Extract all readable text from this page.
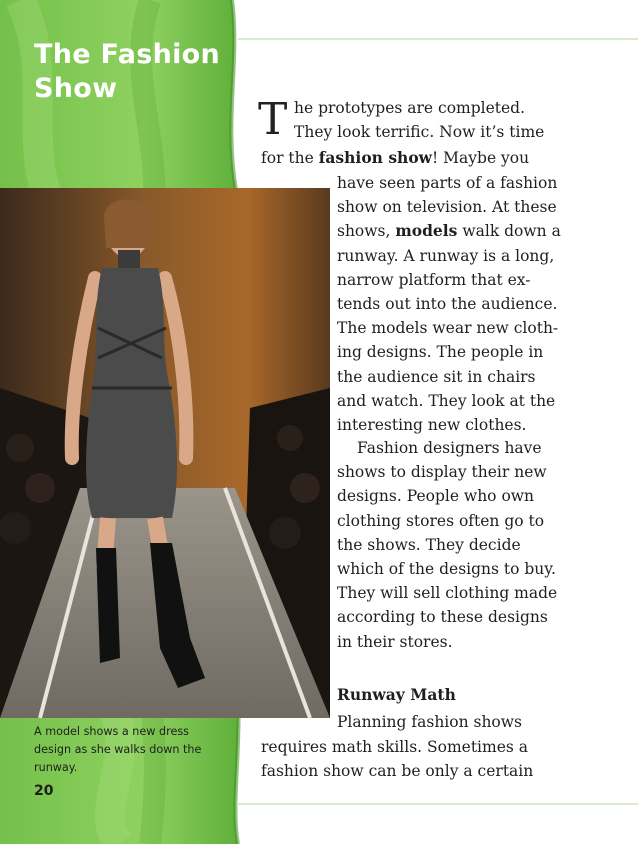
The Fashion
Show

A model shows a new dress
design as she walks down the
runway.

20

T he prototypes are completed.
They look terrific. Now it’s time

for the fashion show! Maybe you

have seen parts of a fashion
show on television. At these
shows, models walk down a
runway. A runway is a long,
narrow platform that ex-
tends out into the audience.
The models wear new cloth-
ing designs. The people in
the audience sit in chairs
and watch. They look at the
interesting new clothes.

Fashion designers have
shows to display their new
designs. People who own
clothing stores often go to
the shows. They decide
which of the designs to buy.
They will sell clothing made
according to these designs
in their stores.

Runway Math

Planning fashion shows

requires math skills. Sometimes a
fashion show can be only a certain
